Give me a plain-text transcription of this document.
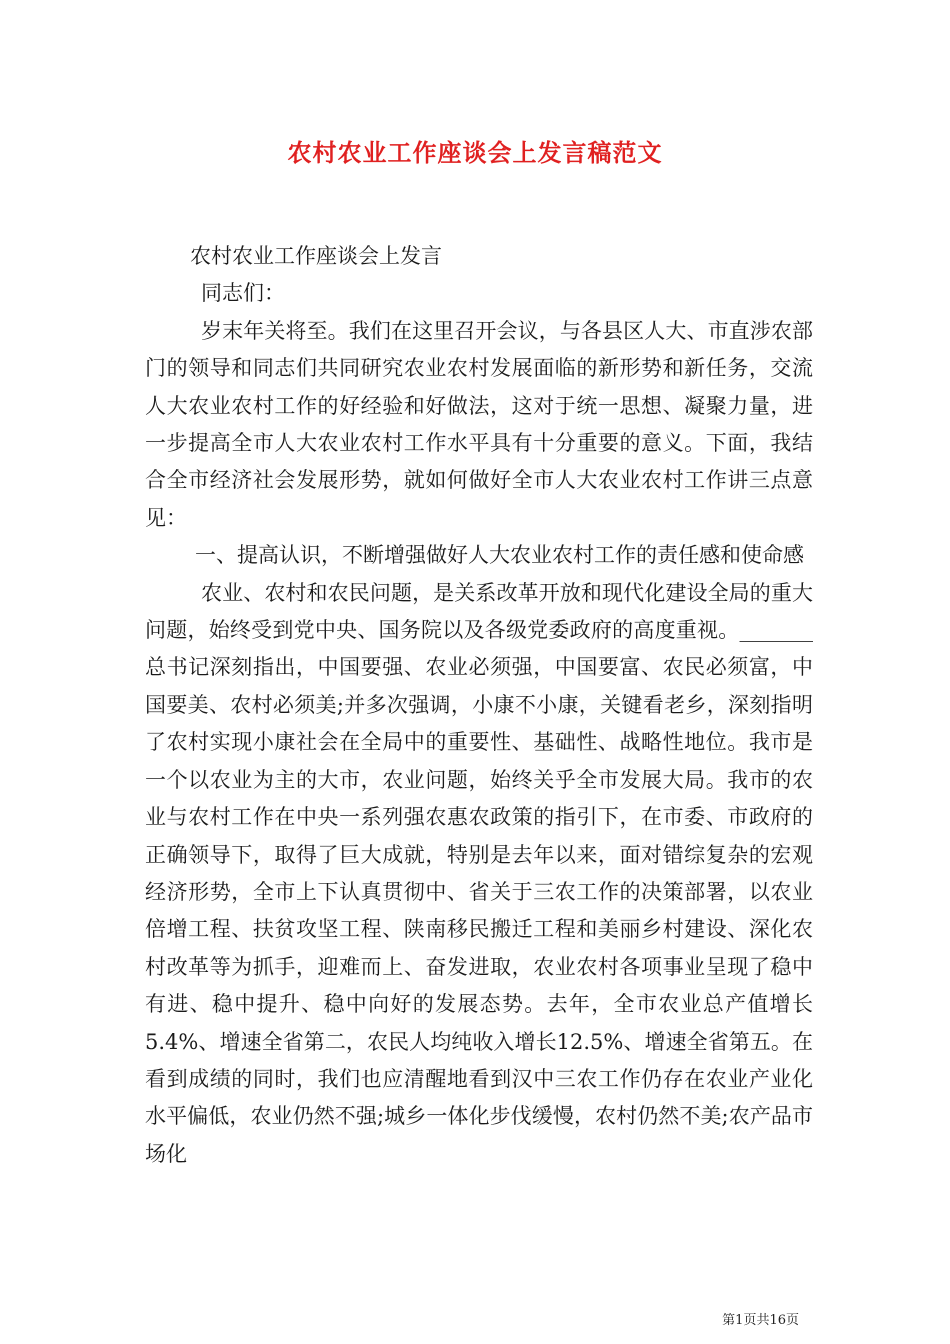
农村农业工作座谈会上发言稿范文

农村农业工作座谈会上发言

同志们：

岁末年关将至。我们在这里召开会议，与各县区人大、市直涉农部门的领导和同志们共同研究农业农村发展面临的新形势和新任务，交流人大农业农村工作的好经验和好做法，这对于统一思想、凝聚力量，进一步提高全市人大农业农村工作水平具有十分重要的意义。下面，我结合全市经济社会发展形势，就如何做好全市人大农业农村工作讲三点意见：

一、提高认识，不断增强做好人大农业农村工作的责任感和使命感

农业、农村和农民问题，是关系改革开放和现代化建设全局的重大问题，始终受到党中央、国务院以及各级党委政府的高度重视。_______总书记深刻指出，中国要强、农业必须强，中国要富、农民必须富，中国要美、农村必须美;并多次强调，小康不小康，关键看老乡，深刻指明了农村实现小康社会在全局中的重要性、基础性、战略性地位。我市是一个以农业为主的大市，农业问题，始终关乎全市发展大局。我市的农业与农村工作在中央一系列强农惠农政策的指引下，在市委、市政府的正确领导下，取得了巨大成就，特别是去年以来，面对错综复杂的宏观经济形势，全市上下认真贯彻中、省关于三农工作的决策部署，以农业倍增工程、扶贫攻坚工程、陕南移民搬迁工程和美丽乡村建设、深化农村改革等为抓手，迎难而上、奋发进取，农业农村各项事业呈现了稳中有进、稳中提升、稳中向好的发展态势。去年，全市农业总产值增长5.4%、增速全省第二，农民人均纯收入增长12.5%、增速全省第五。在看到成绩的同时，我们也应清醒地看到汉中三农工作仍存在农业产业化水平偏低，农业仍然不强;城乡一体化步伐缓慢，农村仍然不美;农产品市场化

第1页共16页
